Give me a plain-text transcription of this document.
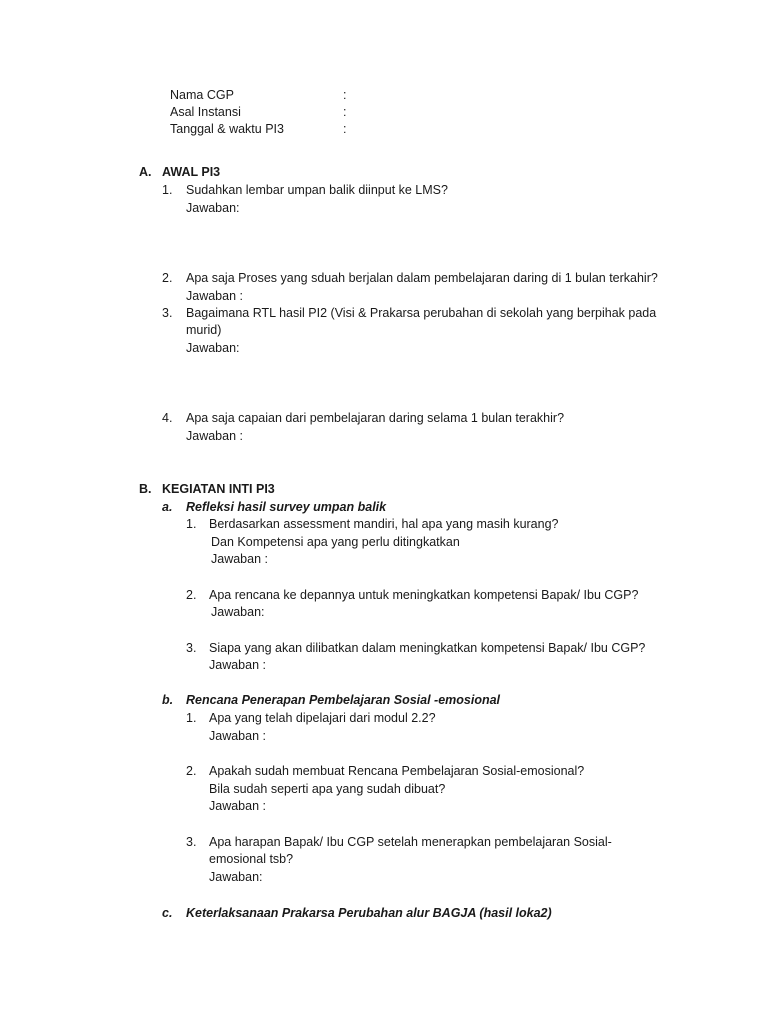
Nama CGP	:
Asal Instansi	:
Tanggal & waktu PI3	:
A. AWAL PI3
1. Sudahkan lembar umpan balik diinput ke LMS?
Jawaban:
2. Apa saja Proses yang sduah berjalan dalam pembelajaran daring di 1 bulan terkahir?
Jawaban :
3. Bagaimana RTL hasil PI2 (Visi & Prakarsa perubahan di sekolah yang berpihak pada
murid)
Jawaban:
4. Apa saja capaian dari pembelajaran daring selama 1 bulan terakhir?
Jawaban :
B. KEGIATAN INTI PI3
a. Refleksi hasil survey umpan balik
1. Berdasarkan assessment mandiri, hal apa yang masih kurang?
Dan Kompetensi apa yang perlu ditingkatkan
Jawaban :
2. Apa rencana ke depannya untuk meningkatkan kompetensi Bapak/ Ibu CGP?
Jawaban:
3. Siapa yang akan dilibatkan dalam meningkatkan kompetensi Bapak/ Ibu CGP?
Jawaban :
b. Rencana Penerapan Pembelajaran Sosial -emosional
1. Apa yang telah dipelajari dari modul 2.2?
Jawaban :
2. Apakah sudah membuat Rencana Pembelajaran Sosial-emosional?
Bila sudah seperti apa yang sudah dibuat?
Jawaban :
3. Apa harapan Bapak/ Ibu CGP setelah menerapkan pembelajaran Sosial-
emosional tsb?
Jawaban:
c. Keterlaksanaan Prakarsa Perubahan alur BAGJA (hasil loka2)
